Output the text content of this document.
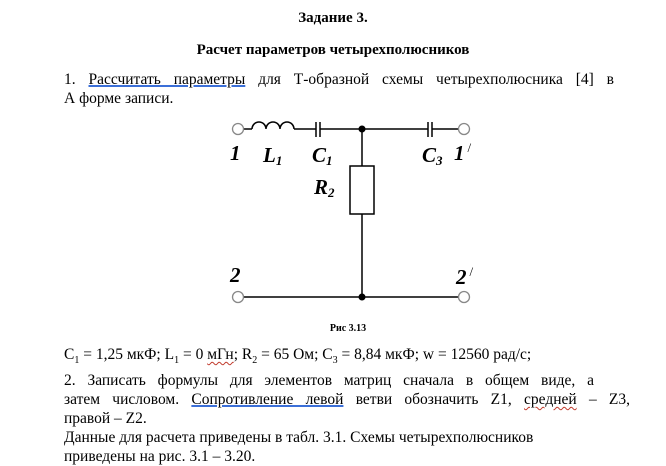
Задание 3.
Расчет параметров четырехполюсников
1. Рассчитать параметры для Т-образной схемы четырехполюсника [4] в
А форме записи.
1 L1 C1	C3 1 /
R2
2	2 /
Рис 3.13
$C_1 = 1,25$ мкФ; $L_1 = 0$ мГн; $R_2 = 65$ Ом; $C_3 = 8,84$ мкФ; w = 12560 рад/с;
2. Записать формулы для элементов матриц сначала в общем виде, а
затем числовом. Сопротивление левой ветви обозначить Z1, средней – Z3,
правой – Z2.
Данные для расчета приведены в табл. 3.1. Схемы четырехполюсников
приведены на рис. 3.1 – 3.20.
